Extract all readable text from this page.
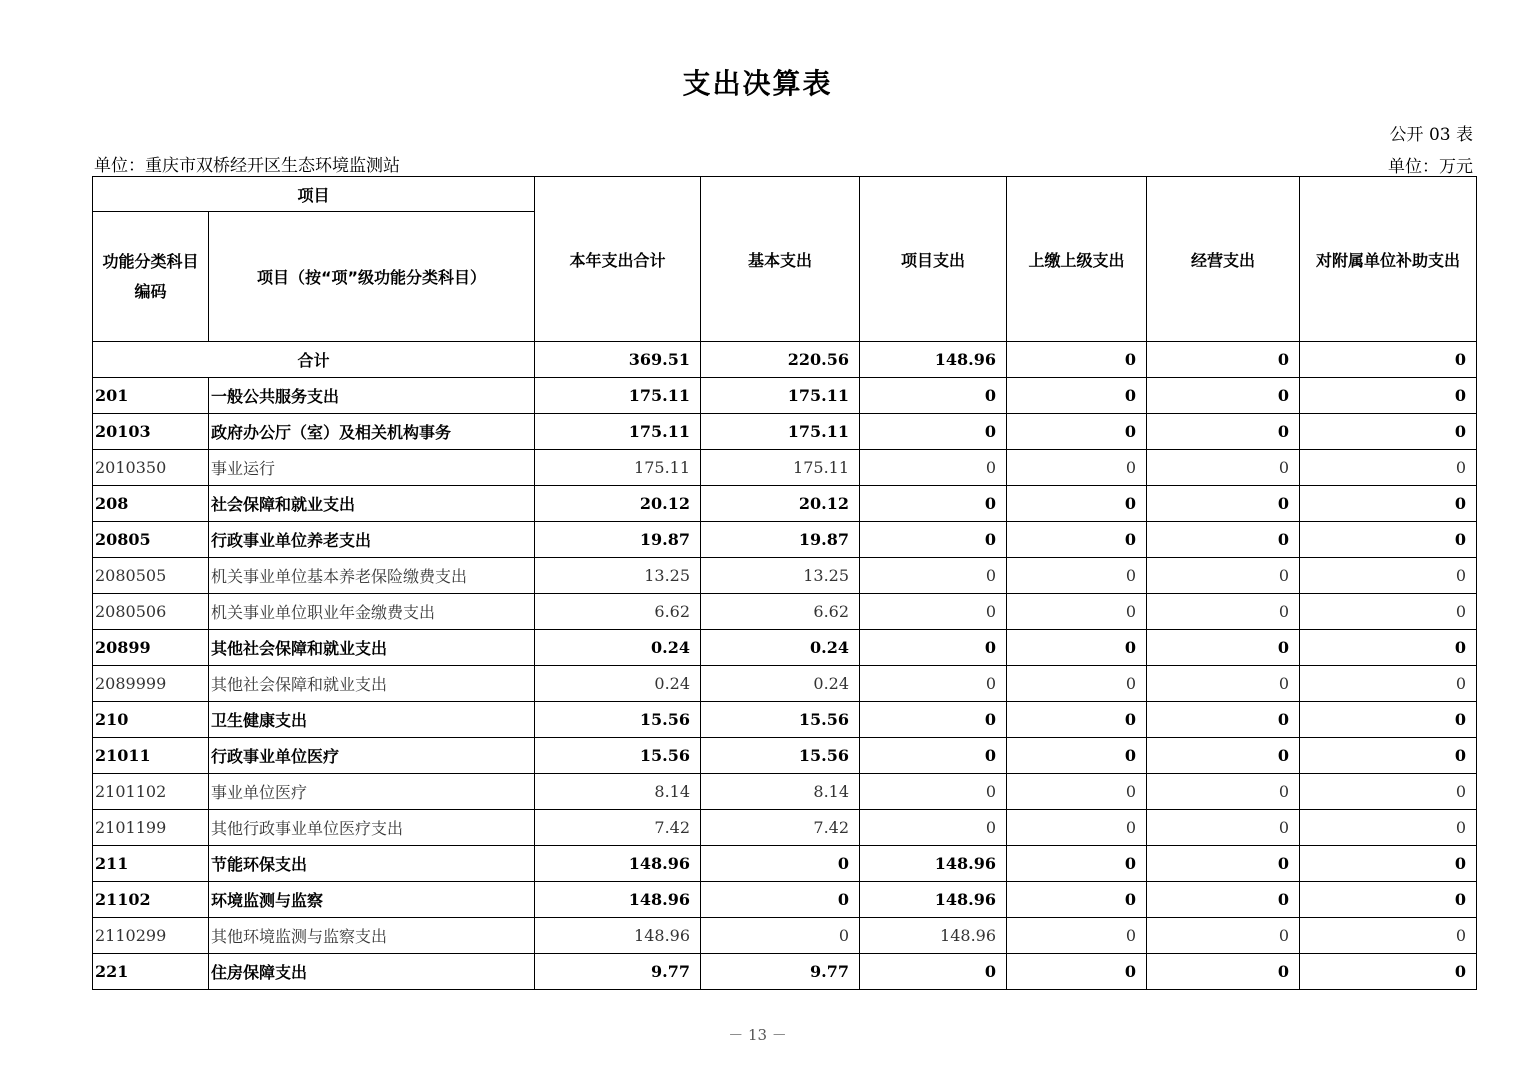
支出决算表
公开 03 表
单位：重庆市双桥经开区生态环境监测站	单位：万元
项目		本年支出合计	基本支出	项目支出	上缴上级支出	经营支出	对附属单位补助支出
功能分类科目编码	项目（按“项”级功能分类科目）						
合计		369.51	220.56	148.96	0	0	0
201	一般公共服务支出	175.11	175.11	0	0	0	0
20103	政府办公厅（室）及相关机构事务	175.11	175.11	0	0	0	0
2010350	事业运行	175.11	175.11	0	0	0	0
208	社会保障和就业支出	20.12	20.12	0	0	0	0
20805	行政事业单位养老支出	19.87	19.87	0	0	0	0
2080505	机关事业单位基本养老保险缴费支出	13.25	13.25	0	0	0	0
2080506	机关事业单位职业年金缴费支出	6.62	6.62	0	0	0	0
20899	其他社会保障和就业支出	0.24	0.24	0	0	0	0
2089999	其他社会保障和就业支出	0.24	0.24	0	0	0	0
210	卫生健康支出	15.56	15.56	0	0	0	0
21011	行政事业单位医疗	15.56	15.56	0	0	0	0
2101102	事业单位医疗	8.14	8.14	0	0	0	0
2101199	其他行政事业单位医疗支出	7.42	7.42	0	0	0	0
211	节能环保支出	148.96	0	148.96	0	0	0
21102	环境监测与监察	148.96	0	148.96	0	0	0
2110299	其他环境监测与监察支出	148.96	0	148.96	0	0	0
221	住房保障支出	9.77	9.77	0	0	0	0
－ 13 －
